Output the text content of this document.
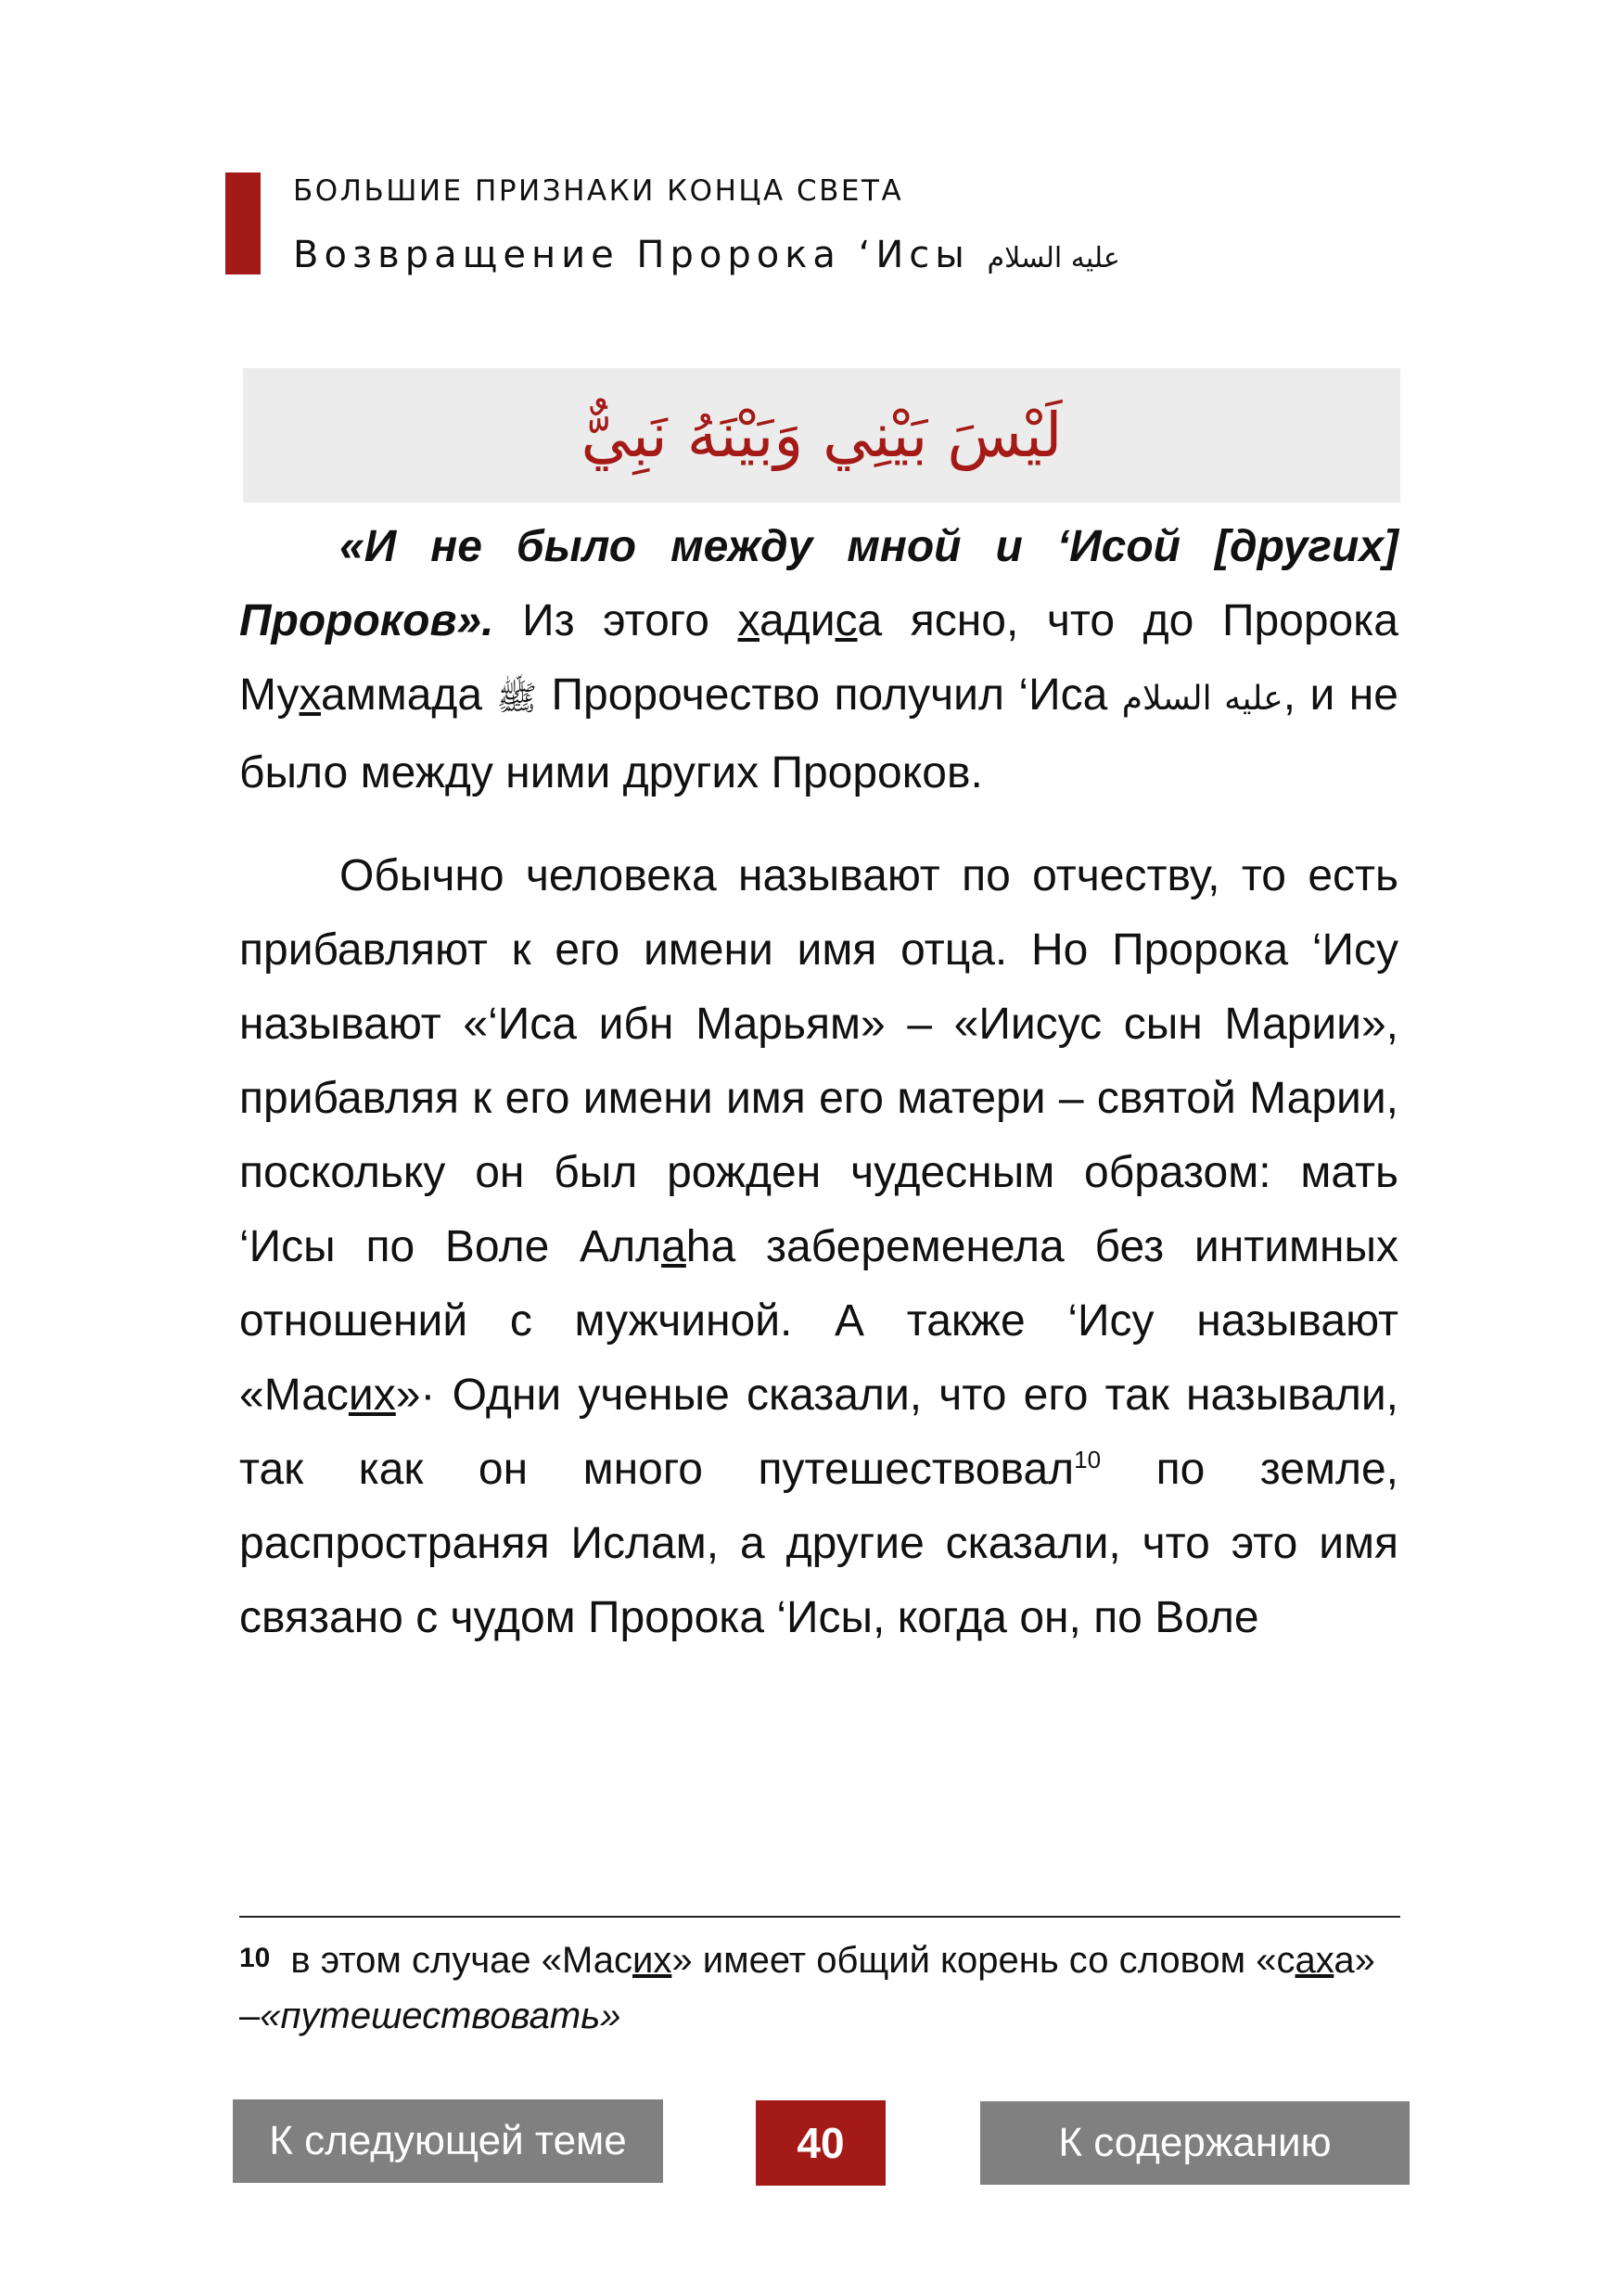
БОЛЬШИЕ ПРИЗНАКИ КОНЦА СВЕТА
Возвращение Пророка ‘Исы عليه السلام
لَيْسَ بَيْنِي وَبَيْنَهُ نَبِيٌّ

«И не было между мной и ‘Исой [других] Пророков». Из этого хадиса ясно, что до Пророка Мухаммада ﷺ Пророчество получил ‘Иса عليه السلام, и не было между ними других Пророков.

Обычно человека называют по отчеству, то есть прибавляют к его имени имя отца. Но Пророка ‘Ису называют «‘Иса ибн Марьям» – «Иисус сын Марии», прибавляя к его имени имя его матери – святой Марии, поскольку он был рожден чудесным образом: мать ‘Исы по Воле Аллаhа забеременела без интимных отношений с мужчиной. А также ‘Ису называют «Масих»· Одни ученые сказали, что его так называли, так как он много путешествовал$^{10}$ по земле, распространяя Ислам, а другие сказали, что это имя связано с чудом Пророка ‘Исы, когда он, по Воле

10 в этом случае «Масих» имеет общий корень со словом «саха» –«путешествовать»
К следующей теме	40	К содержанию
